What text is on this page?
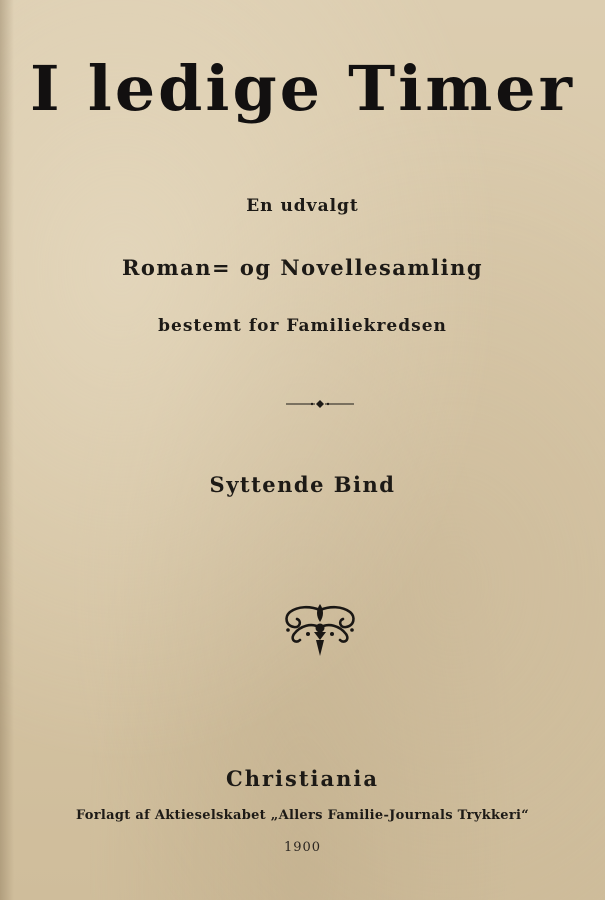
I ledige Timer
En udvalgt
Roman= og Novellesamling
bestemt for Familiekredsen
Syttende Bind
Christiania
Forlagt af Aktieselskabet „Allers Familie-Journals Trykkeri“
1900
